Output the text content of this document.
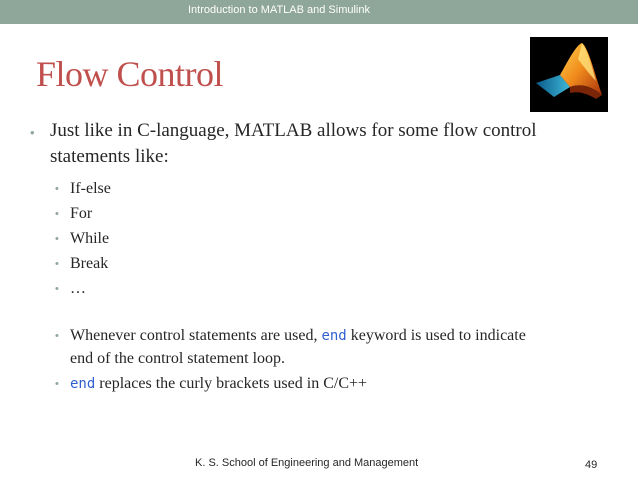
Introduction to MATLAB and Simulink
Flow Control
• Just like in C-language, MATLAB allows for some flow control
statements like:
• If-else
• For
• While
• Break
• …
• Whenever control statements are used, end keyword is used to indicate
end of the control statement loop.
• end replaces the curly brackets used in C/C++
K. S. School of Engineering and Management	49
